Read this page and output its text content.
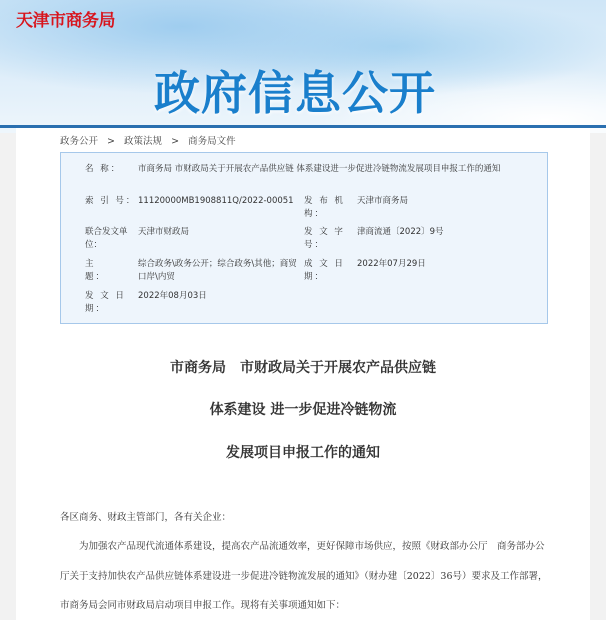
天津市商务局
政府信息公开
政务公开 > 政策法规 > 商务局文件
名 称：	市商务局 市财政局关于开展农产品供应链 体系建设进一步促进冷链物流发展项目申报工作的通知
索 引 号： 11120000MB1908811Q/2022-00051 发 布 机 构：
天津市商务局
联合发文单位：
天津市财政局	发 文 字 号：
津商流通〔2022〕9号
主 题：
综合政务\政务公开；综合政务\其他；商贸口岸\内贸
成 文 日 期：
2022年07月29日
发 文 日 期：
2022年08月03日
市商务局　市财政局关于开展农产品供应链
体系建设 进一步促进冷链物流
发展项目申报工作的通知
各区商务、财政主管部门，各有关企业：
　　为加强农产品现代流通体系建设，提高农产品流通效率，更好保障市场供应，按照《财政部办公厅　商务部办公
厅关于支持加快农产品供应链体系建设进一步促进冷链物流发展的通知》（财办建〔2022〕36号）要求及工作部署，
市商务局会同市财政局启动项目申报工作。现将有关事项通知如下：
